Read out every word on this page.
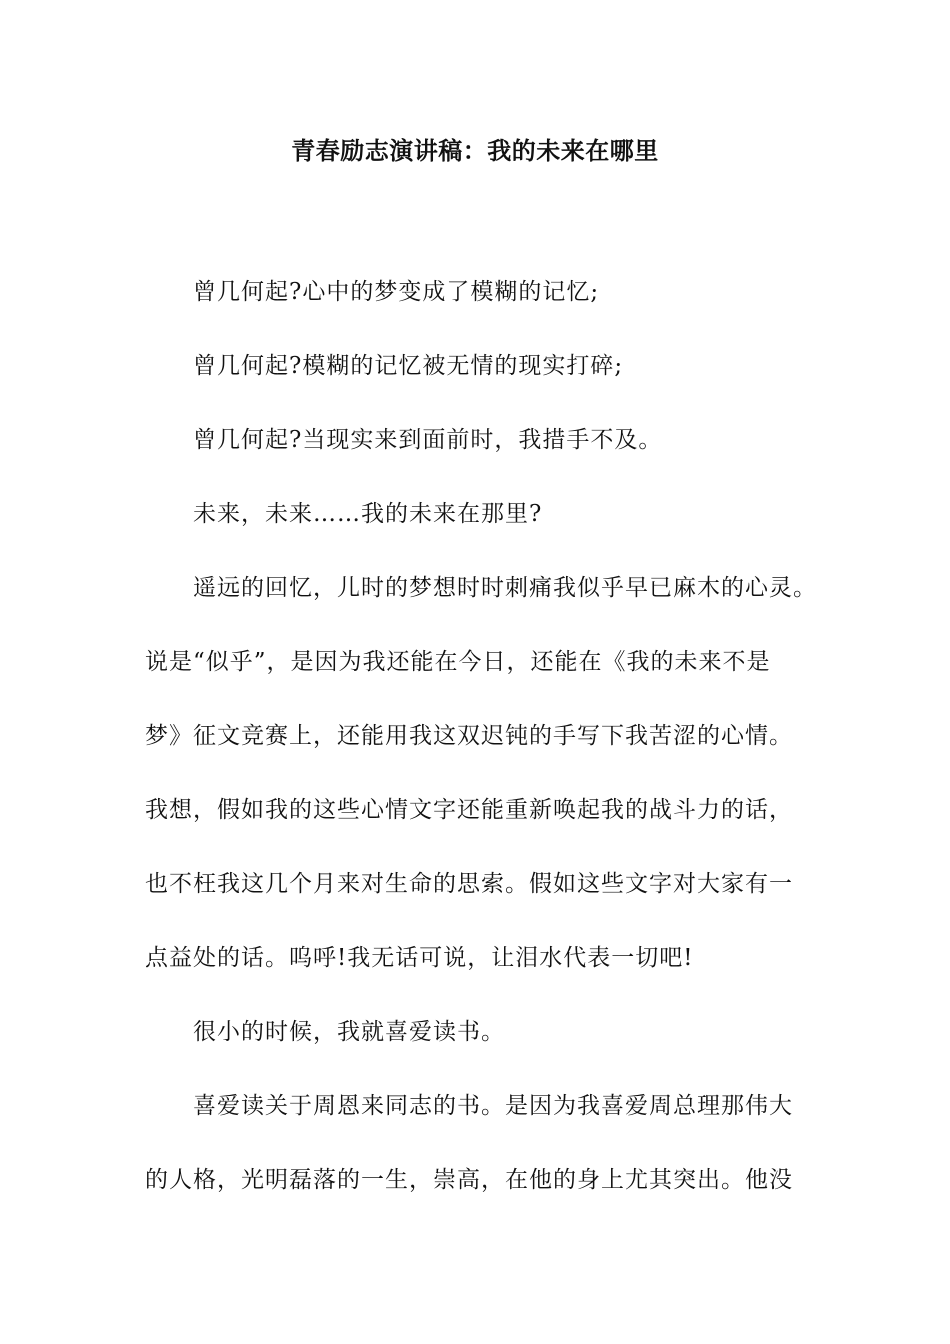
青春励志演讲稿：我的未来在哪里
曾几何起?心中的梦变成了模糊的记忆;
曾几何起?模糊的记忆被无情的现实打碎;
曾几何起?当现实来到面前时，我措手不及。
未来，未来……我的未来在那里?
遥远的回忆，儿时的梦想时时刺痛我似乎早已麻木的心灵。
说是“似乎”，是因为我还能在今日，还能在《我的未来不是
梦》征文竞赛上，还能用我这双迟钝的手写下我苦涩的心情。
我想，假如我的这些心情文字还能重新唤起我的战斗力的话，
也不枉我这几个月来对生命的思索。假如这些文字对大家有一
点益处的话。呜呼!我无话可说，让泪水代表一切吧!
很小的时候，我就喜爱读书。
喜爱读关于周恩来同志的书。是因为我喜爱周总理那伟大
的人格，光明磊落的一生，崇高，在他的身上尤其突出。他没
